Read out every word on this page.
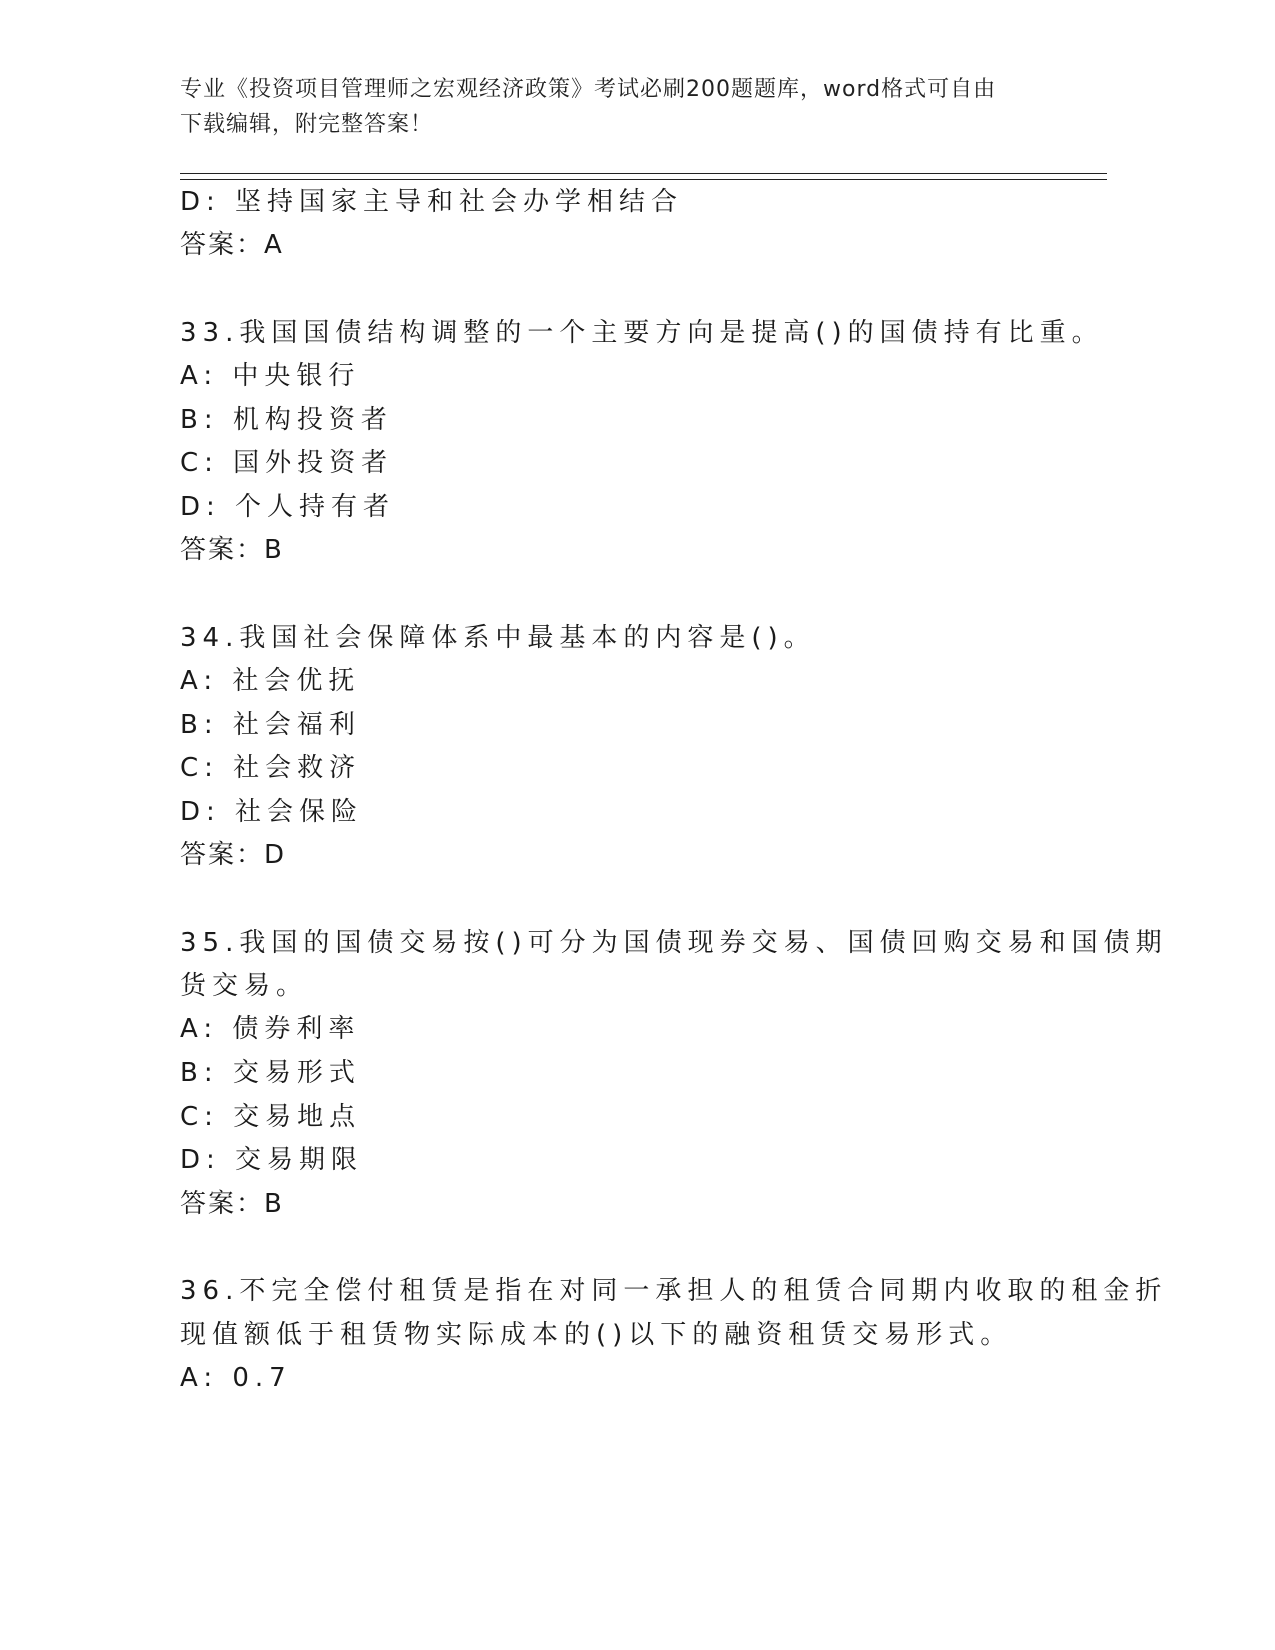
专业《投资项目管理师之宏观经济政策》考试必刷200题题库，word格式可自由
下载编辑，附完整答案！
D: 坚持国家主导和社会办学相结合
答案：A
33.我国国债结构调整的一个主要方向是提高()的国债持有比重。
A: 中央银行
B: 机构投资者
C: 国外投资者
D: 个人持有者
答案：B
34.我国社会保障体系中最基本的内容是()。
A: 社会优抚
B: 社会福利
C: 社会救济
D: 社会保险
答案：D
35.我国的国债交易按()可分为国债现券交易、国债回购交易和国债期
货交易。
A: 债券利率
B: 交易形式
C: 交易地点
D: 交易期限
答案：B
36.不完全偿付租赁是指在对同一承担人的租赁合同期内收取的租金折
现值额低于租赁物实际成本的()以下的融资租赁交易形式。
A: 0.7
